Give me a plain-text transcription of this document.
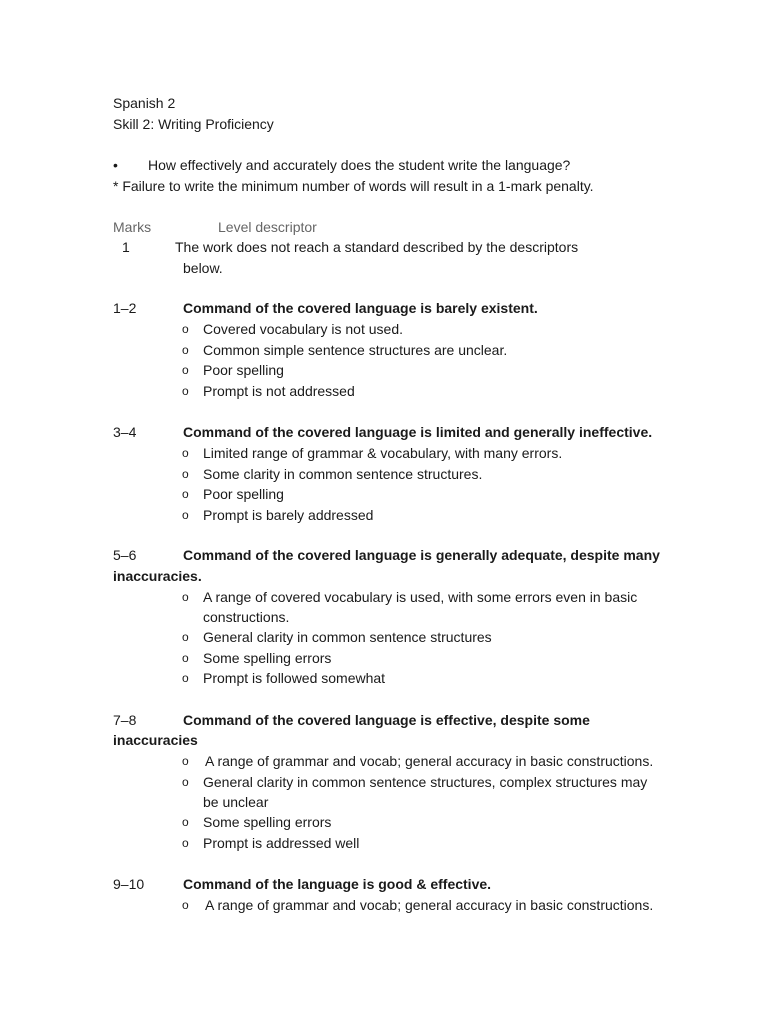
Spanish 2
Skill 2: Writing Proficiency
• How effectively and accurately does the student write the language?
* Failure to write the minimum number of words will result in a 1-mark penalty.
Marks	Level descriptor
1	The work does not reach a standard described by the descriptors
below.
1–2	Command of the covered language is barely existent.
o Covered vocabulary is not used.
o Common simple sentence structures are unclear.
o Poor spelling
o Prompt is not addressed
3–4	Command of the covered language is limited and generally ineffective.
o Limited range of grammar & vocabulary, with many errors.
o Some clarity in common sentence structures.
o Poor spelling
o Prompt is barely addressed
5–6	Command of the covered language is generally adequate, despite many
inaccuracies.
o A range of covered vocabulary is used, with some errors even in basic
constructions.
o General clarity in common sentence structures
o Some spelling errors
o Prompt is followed somewhat
7–8	Command of the covered language is effective, despite some
inaccuracies
o A range of grammar and vocab; general accuracy in basic constructions.
o General clarity in common sentence structures, complex structures may
be unclear
o Some spelling errors
o Prompt is addressed well
9–10	Command of the language is good & effective.
o A range of grammar and vocab; general accuracy in basic constructions.
